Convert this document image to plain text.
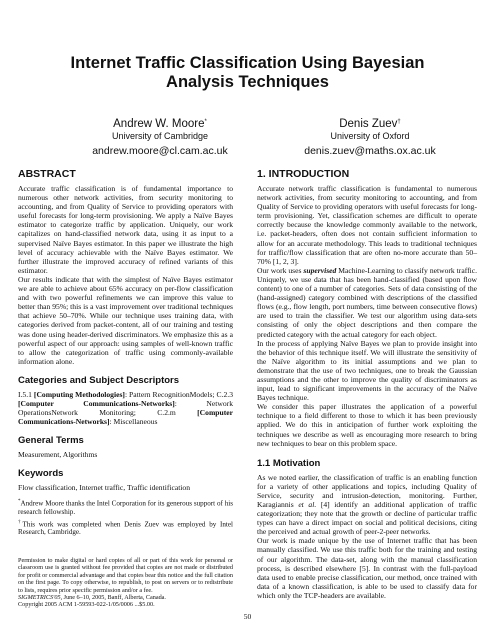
Internet Traffic Classification Using Bayesian Analysis Techniques
Andrew W. Moore*
University of Cambridge
andrew.moore@cl.cam.ac.uk
Denis Zuev†
University of Oxford
denis.zuev@maths.ox.ac.uk
ABSTRACT

Accurate traffic classification is of fundamental importance to numerous other network activities, from security monitoring to accounting, and from Quality of Service to providing operators with useful forecasts for long-term provisioning. We apply a Naïve Bayes estimator to categorize traffic by application. Uniquely, our work capitalizes on hand-classified network data, using it as input to a supervised Naïve Bayes estimator. In this paper we illustrate the high level of accuracy achievable with the Naïve Bayes estimator. We further illustrate the improved accuracy of refined variants of this estimator.

Our results indicate that with the simplest of Naïve Bayes estimator we are able to achieve about 65% accuracy on per-flow classification and with two powerful refinements we can improve this value to better than 95%; this is a vast improvement over traditional techniques that achieve 50–70%. While our technique uses training data, with categories derived from packet-content, all of our training and testing was done using header-derived discriminators. We emphasize this as a powerful aspect of our approach: using samples of well-known traffic to allow the categorization of traffic using commonly-available information alone.

Categories and Subject Descriptors

I.5.1 [Computing Methodologies]: Pattern RecognitionModels; C.2.3 [Computer Communications-Networks]: Network OperationsNetwork Monitoring; C.2.m [Computer Communications-Networks]: Miscellaneous

General Terms

Measurement, Algorithms

Keywords

Flow classification, Internet traffic, Traffic identification

*Andrew Moore thanks the Intel Corporation for its generous support of his research fellowship.
†This work was completed when Denis Zuev was employed by Intel Research, Cambridge.
Permission to make digital or hard copies of all or part of this work for personal or classroom use is granted without fee provided that copies are not made or distributed for profit or commercial advantage and that copies bear this notice and the full citation on the first page. To copy otherwise, to republish, to post on servers or to redistribute to lists, requires prior specific permission and/or a fee.
SIGMETRICS'05, June 6–10, 2005, Banff, Alberta, Canada.
Copyright 2005 ACM 1-59593-022-1/05/0006 ...$5.00.
1. INTRODUCTION

Accurate network traffic classification is fundamental to numerous network activities, from security monitoring to accounting, and from Quality of Service to providing operators with useful forecasts for long-term provisioning. Yet, classification schemes are difficult to operate correctly because the knowledge commonly available to the network, i.e. packet-headers, often does not contain sufficient information to allow for an accurate methodology. This leads to traditional techniques for traffic/flow classification that are often no-more accurate than 50–70% [1, 2, 3].

Our work uses supervised Machine-Learning to classify network traffic. Uniquely, we use data that has been hand-classified (based upon flow content) to one of a number of categories. Sets of data consisting of the (hand-assigned) category combined with descriptions of the classified flows (e.g., flow length, port numbers, time between consecutive flows) are used to train the classifier. We test our algorithm using data-sets consisting of only the object descriptions and then compare the predicted category with the actual category for each object.

In the process of applying Naïve Bayes we plan to provide insight into the behavior of this technique itself. We will illustrate the sensitivity of the Naïve algorithm to its initial assumptions and we plan to demonstrate that the use of two techniques, one to break the Gaussian assumptions and the other to improve the quality of discriminators as input, lead to significant improvements in the accuracy of the Naïve Bayes technique.

We consider this paper illustrates the application of a powerful technique to a field different to those to which it has been previously applied. We do this in anticipation of further work exploiting the techniques we describe as well as encouraging more research to bring new techniques to bear on this problem space.

1.1 Motivation

As we noted earlier, the classification of traffic is an enabling function for a variety of other applications and topics, including Quality of Service, security and intrusion-detection, monitoring. Further, Karagiannis et al. [4] identify an additional application of traffic categorization; they note that the growth or decline of particular traffic types can have a direct impact on social and political decisions, citing the perceived and actual growth of peer-2-peer networks.

Our work is made unique by the use of Internet traffic that has been manually classified. We use this traffic both for the training and testing of our algorithm. The data-set, along with the manual classification process, is described elsewhere [5]. In contrast with the full-payload data used to enable precise classification, our method, once trained with data of a known classification, is able to be used to classify data for which only the TCP-headers are available.

50
